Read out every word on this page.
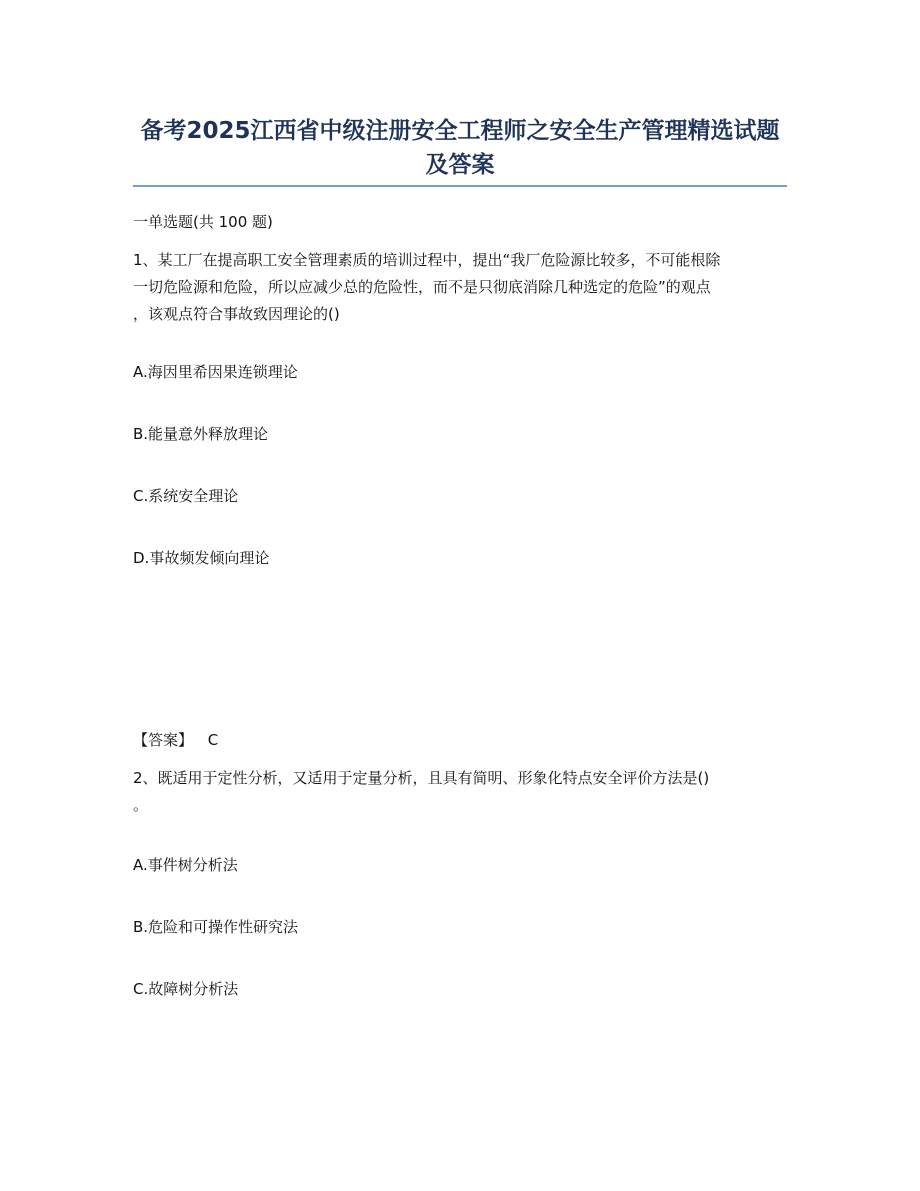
备考2025江西省中级注册安全工程师之安全生产管理精选试题及答案
一单选题(共 100 题)
1、某工厂在提高职工安全管理素质的培训过程中，提出“我厂危险源比较多，不可能根除
一切危险源和危险，所以应减少总的危险性，而不是只彻底消除几种选定的危险”的观点
，该观点符合事故致因理论的()
A.海因里希因果连锁理论
B.能量意外释放理论
C.系统安全理论
D.事故频发倾向理论
【答案】 C
2、既适用于定性分析，又适用于定量分析，且具有简明、形象化特点安全评价方法是()
。
A.事件树分析法
B.危险和可操作性研究法
C.故障树分析法
